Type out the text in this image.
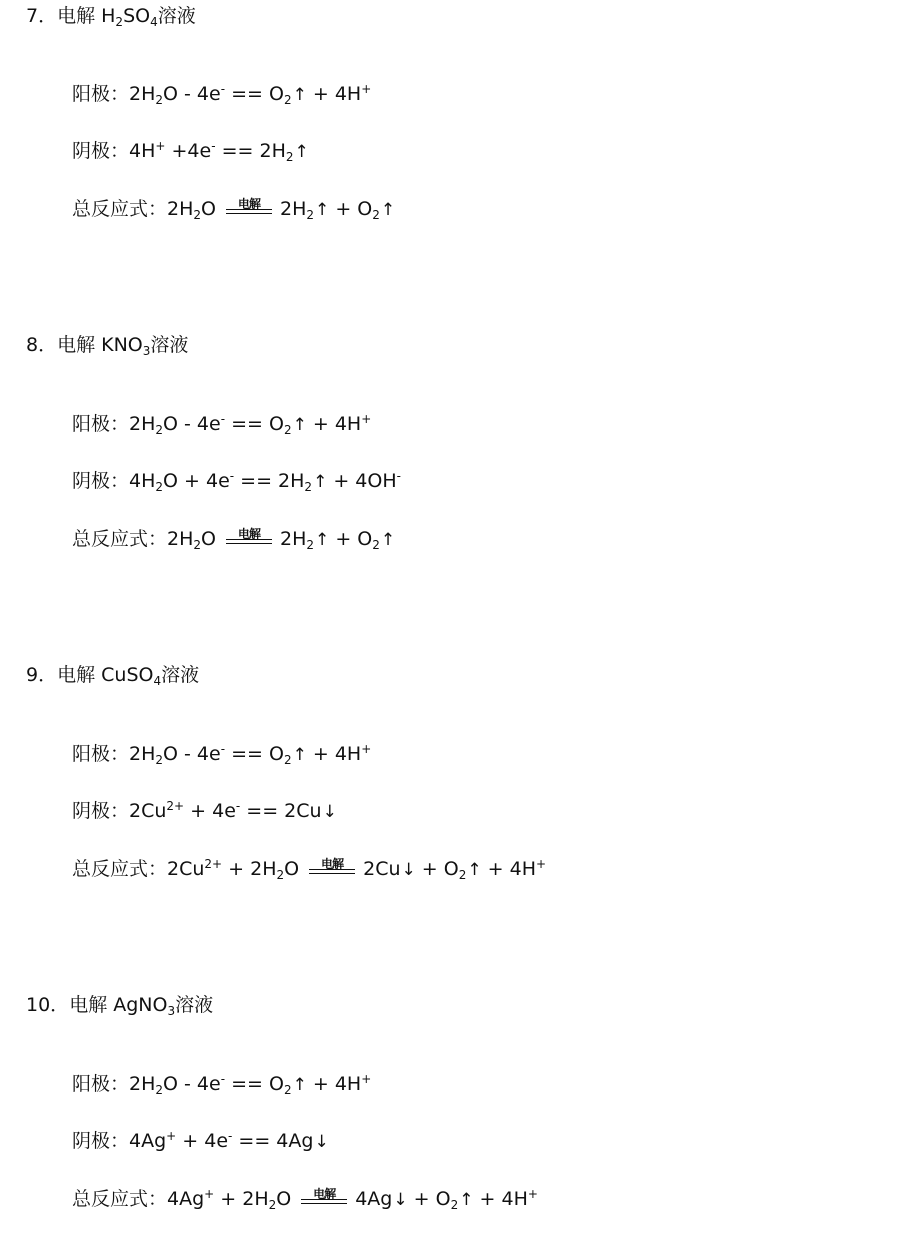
7．电解 $H_2SO_4$溶液
阳极：$2H_2O - 4e^-$ == $O_2↑ + 4H^+$
阴极：$4H^+ +4e^- == 2H_2↑$
总反应式：$2H_2O$	电解	$2H_2↑$ + $O_2↑$
8．电解 $KNO_3$溶液
阳极：$2H_2O - 4e^-$ == $O_2↑ + 4H^+$
阴极：$4H_2O + 4e^-$ == $2H_2↑ + 4OH^-$
总反应式：$2H_2O$	电解	$2H_2↑$ + $O_2↑$
9．电解 CuSO$_4$溶液
阳极：$2H_2O - 4e^-$ == $O_2↑ + 4H^+$
阴极：$2Cu^{2+} + 4e^-$ == 2Cu↓
总反应式：$2Cu^{2+} + 2H_2O$	电解	2Cu↓ + $O_2↑ + 4H^+$
10．电解 AgNO$_3$溶液
阳极：$2H_2O - 4e^-$ == $O_2↑ + 4H^+$
阴极：4Ag+ + 4e- == 4Ag↓
总反应式：$4Ag^+ + 2H_2O$	电解	4Ag↓ + $O_2↑ + 4H^+$
